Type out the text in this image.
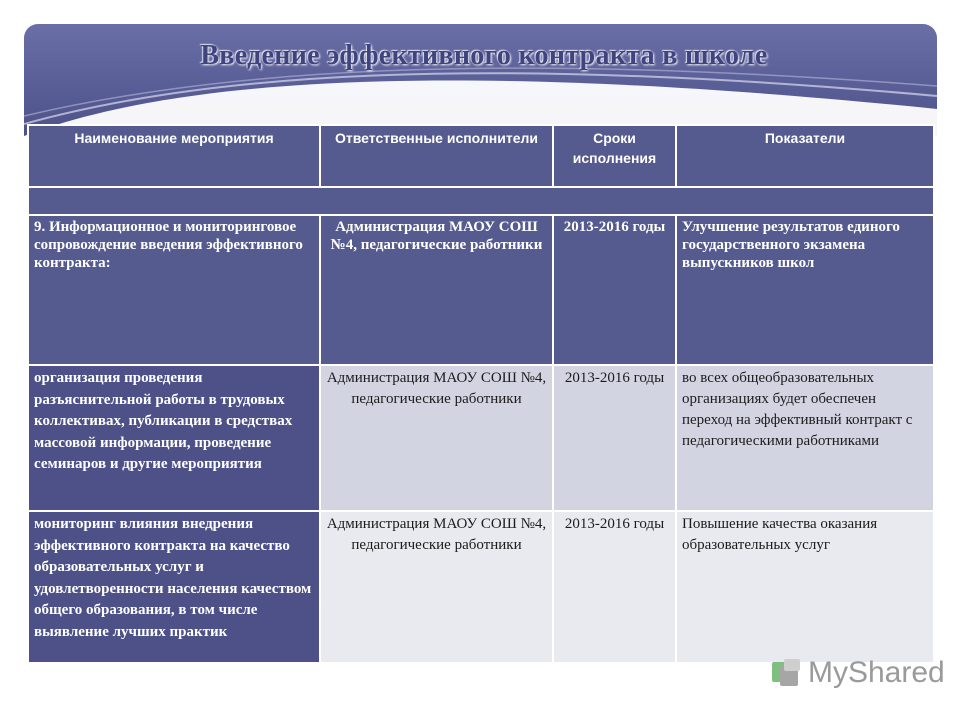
Введение эффективного контракта в школе
Наименование мероприятия	Ответственные исполнители	Сроки исполнения	Показатели

9. Информационное и мониторинговое сопровождение введения эффективного контракта:	Администрация МАОУ СОШ №4, педагогические работники	2013-2016 годы	Улучшение результатов единого государственного экзамена выпускников школ
организация проведения разъяснительной работы в трудовых коллективах, публикации в средствах массовой информации, проведение семинаров и другие мероприятия	Администрация МАОУ СОШ №4, педагогические работники	2013-2016 годы	во всех общеобразовательных организациях будет обеспечен переход на эффективный контракт с педагогическими работниками
мониторинг влияния внедрения эффективного контракта на качество образовательных услуг и удовлетворенности населения качеством общего образования, в том числе выявление лучших практик	Администрация МАОУ СОШ №4, педагогические работники	2013-2016 годы	Повышение качества оказания образовательных услуг
MyShared
